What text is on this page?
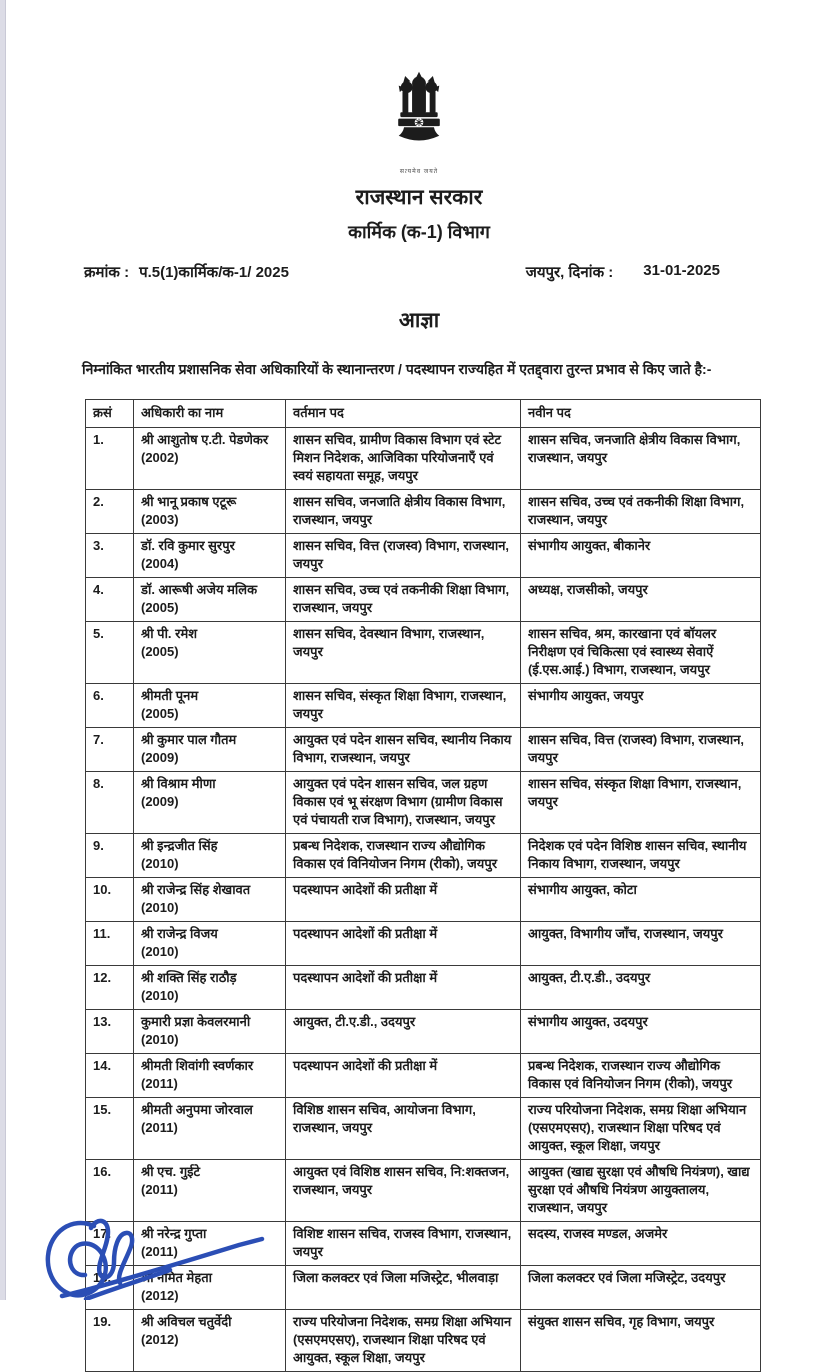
सत्यमेव जयते
राजस्थान सरकार
कार्मिक (क-1) विभाग
क्रमांक : प.5(1)कार्मिक/क-1/ 2025	जयपुर, दिनांक : 31-01-2025
आज्ञा
निम्नांकित भारतीय प्रशासनिक सेवा अधिकारियों के स्थानान्तरण / पदस्थापन राज्यहित में एतद्द्वारा तुरन्त प्रभाव से किए जाते है:-
क्रसं	अधिकारी का नाम	वर्तमान पद	नवीन पद
1.	श्री आशुतोष ए.टी. पेडणेकर
(2002)	शासन सचिव, ग्रामीण विकास विभाग एवं स्टेट मिशन निदेशक, आजिविका परियोजनाएँ एवं स्वयं सहायता समूह, जयपुर	शासन सचिव, जनजाति क्षेत्रीय विकास विभाग, राजस्थान, जयपुर
2.	श्री भानू प्रकाष एटूरू
(2003)	शासन सचिव, जनजाति क्षेत्रीय विकास विभाग, राजस्थान, जयपुर	शासन सचिव, उच्च एवं तकनीकी शिक्षा विभाग, राजस्थान, जयपुर
3.	डॉ. रवि कुमार सुरपुर
(2004)	शासन सचिव, वित्त (राजस्व) विभाग, राजस्थान, जयपुर	संभागीय आयुक्त, बीकानेर
4.	डॉ. आरूषी अजेय मलिक
(2005)	शासन सचिव, उच्च एवं तकनीकी शिक्षा विभाग, राजस्थान, जयपुर	अध्यक्ष, राजसीको, जयपुर
5.	श्री पी. रमेश
(2005)	शासन सचिव, देवस्थान विभाग, राजस्थान, जयपुर	शासन सचिव, श्रम, कारखाना एवं बॉयलर निरीक्षण एवं चिकित्सा एवं स्वास्थ्य सेवाऐं (ई.एस.आई.) विभाग, राजस्थान, जयपुर
6.	श्रीमती पूनम
(2005)	शासन सचिव, संस्कृत शिक्षा विभाग, राजस्थान, जयपुर	संभागीय आयुक्त, जयपुर
7.	श्री कुमार पाल गौतम
(2009)	आयुक्त एवं पदेन शासन सचिव, स्थानीय निकाय विभाग, राजस्थान, जयपुर	शासन सचिव, वित्त (राजस्व) विभाग, राजस्थान, जयपुर
8.	श्री विश्राम मीणा
(2009)	आयुक्त एवं पदेन शासन सचिव, जल ग्रहण विकास एवं भू संरक्षण विभाग (ग्रामीण विकास एवं पंचायती राज विभाग), राजस्थान, जयपुर	शासन सचिव, संस्कृत शिक्षा विभाग, राजस्थान, जयपुर
9.	श्री इन्द्रजीत सिंह
(2010)	प्रबन्ध निदेशक, राजस्थान राज्य औद्योगिक विकास एवं विनियोजन निगम (रीको), जयपुर	निदेशक एवं पदेन विशिष्ठ शासन सचिव, स्थानीय निकाय विभाग, राजस्थान, जयपुर
10.	श्री राजेन्द्र सिंह शेखावत
(2010)	पदस्थापन आदेशों की प्रतीक्षा में	संभागीय आयुक्त, कोटा
11.	श्री राजेन्द्र विजय
(2010)	पदस्थापन आदेशों की प्रतीक्षा में	आयुक्त, विभागीय जाँच, राजस्थान, जयपुर
12.	श्री शक्ति सिंह राठौड़
(2010)	पदस्थापन आदेशों की प्रतीक्षा में	आयुक्त, टी.ए.डी., उदयपुर
13.	कुमारी प्रज्ञा केवलरमानी
(2010)	आयुक्त, टी.ए.डी., उदयपुर	संभागीय आयुक्त, उदयपुर
14.	श्रीमती शिवांगी स्वर्णकार
(2011)	पदस्थापन आदेशों की प्रतीक्षा में	प्रबन्ध निदेशक, राजस्थान राज्य औद्योगिक विकास एवं विनियोजन निगम (रीको), जयपुर
15.	श्रीमती अनुपमा जोरवाल
(2011)	विशिष्ठ शासन सचिव, आयोजना विभाग, राजस्थान, जयपुर	राज्य परियोजना निदेशक, समग्र शिक्षा अभियान (एसएमएसए), राजस्थान शिक्षा परिषद एवं आयुक्त, स्कूल शिक्षा, जयपुर
16.	श्री एच. गुईटे
(2011)	आयुक्त एवं विशिष्ठ शासन सचिव, नि:शक्तजन, राजस्थान, जयपुर	आयुक्त (खाद्य सुरक्षा एवं औषधि नियंत्रण), खाद्य सुरक्षा एवं औषधि नियंत्रण आयुक्तालय, राजस्थान, जयपुर
17.	श्री नरेन्द्र गुप्ता
(2011)	विशिष्ट शासन सचिव, राजस्व विभाग, राजस्थान, जयपुर	सदस्य, राजस्व मण्डल, अजमेर
18.	श्री नमित मेहता
(2012)	जिला कलक्टर एवं जिला मजिस्ट्रेट, भीलवाड़ा	जिला कलक्टर एवं जिला मजिस्ट्रेट, उदयपुर
19.	श्री अविचल चतुर्वेदी
(2012)	राज्य परियोजना निदेशक, समग्र शिक्षा अभियान (एसएमएसए), राजस्थान शिक्षा परिषद एवं आयुक्त, स्कूल शिक्षा, जयपुर	संयुक्त शासन सचिव, गृह विभाग, जयपुर
